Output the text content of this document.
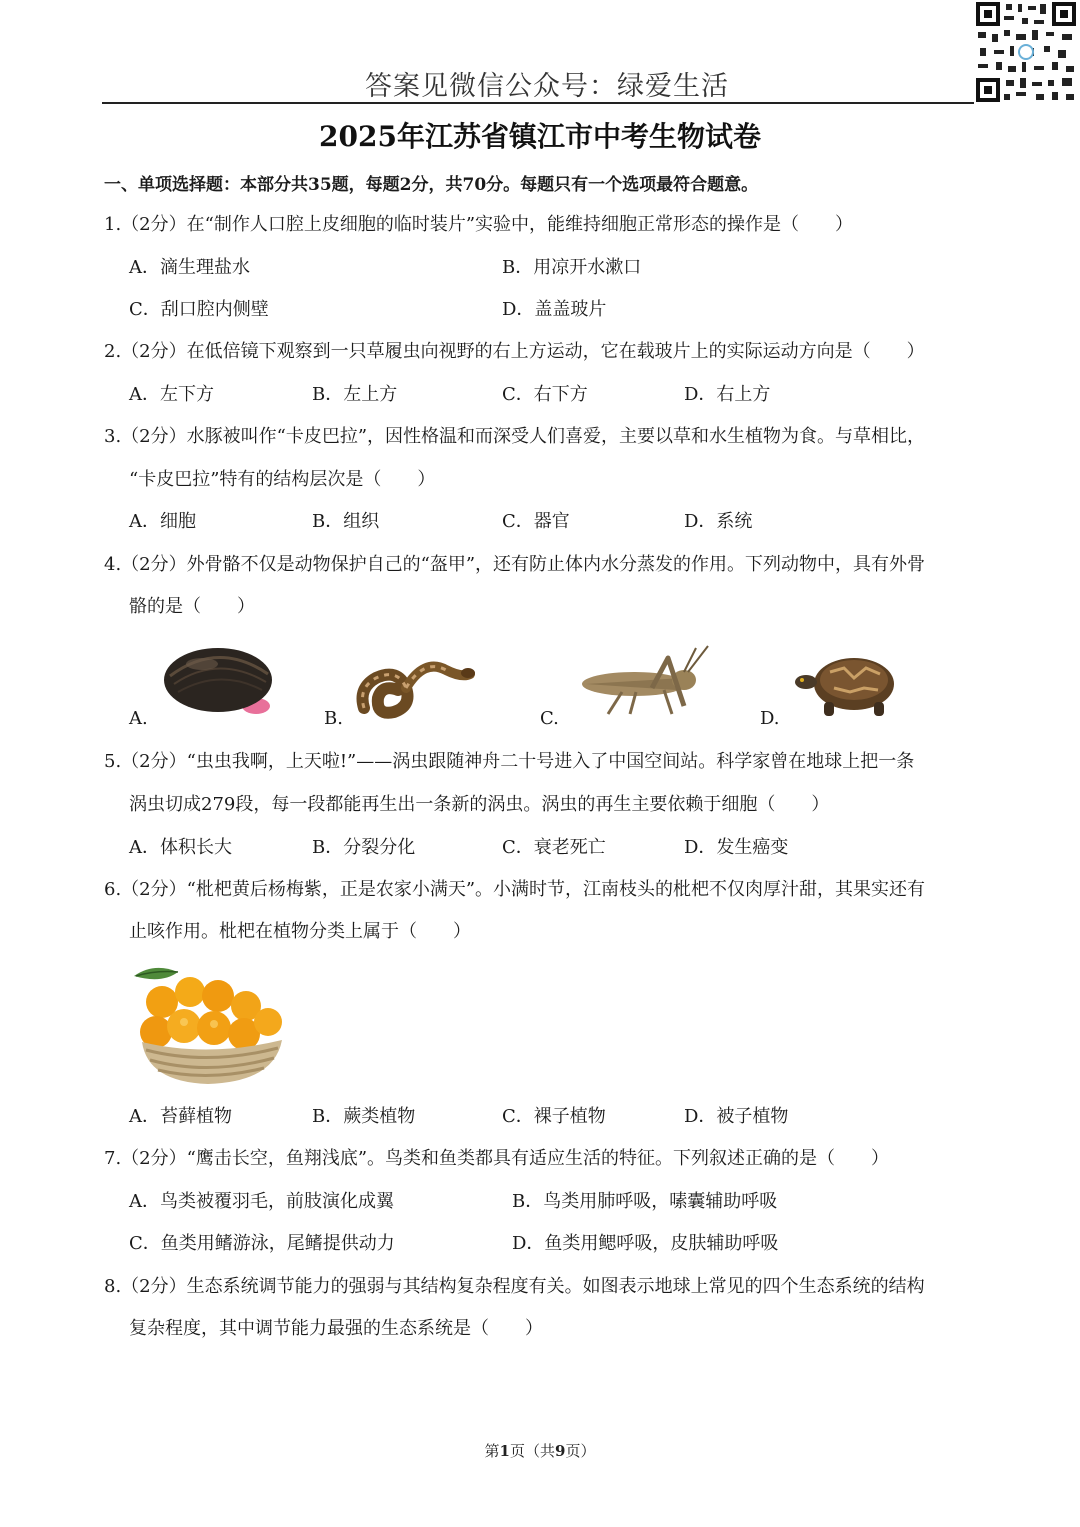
答案见微信公众号：绿爱生活
2025年江苏省镇江市中考生物试卷
一、单项选择题：本部分共35题，每题2分，共70分。每题只有一个选项最符合题意。
1.（2分）在“制作人口腔上皮细胞的临时装片”实验中，能维持细胞正常形态的操作是（　　）
A．滴生理盐水	B．用凉开水漱口
C．刮口腔内侧壁	D．盖盖玻片
2.（2分）在低倍镜下观察到一只草履虫向视野的右上方运动，它在载玻片上的实际运动方向是（　　）
A．左下方	B．左上方	C．右下方	D．右上方
3.（2分）水豚被叫作“卡皮巴拉”，因性格温和而深受人们喜爱，主要以草和水生植物为食。与草相比，
“卡皮巴拉”特有的结构层次是（　　）
A．细胞	B．组织	C．器官	D．系统
4.（2分）外骨骼不仅是动物保护自己的“盔甲”，还有防止体内水分蒸发的作用。下列动物中，具有外骨
骼的是（　　）
A.	B.	C.	D.
5.（2分）“虫虫我啊，上天啦!”——涡虫跟随神舟二十号进入了中国空间站。科学家曾在地球上把一条
涡虫切成279段，每一段都能再生出一条新的涡虫。涡虫的再生主要依赖于细胞（　　）
A．体积长大	B．分裂分化	C．衰老死亡	D．发生癌变
6.（2分）“枇杷黄后杨梅紫，正是农家小满天”。小满时节，江南枝头的枇杷不仅肉厚汁甜，其果实还有
止咳作用。枇杷在植物分类上属于（　　）
A．苔藓植物	B．蕨类植物	C．裸子植物	D．被子植物
7.（2分）“鹰击长空，鱼翔浅底”。鸟类和鱼类都具有适应生活的特征。下列叙述正确的是（　　）
A．鸟类被覆羽毛，前肢演化成翼	B．鸟类用肺呼吸，嗉囊辅助呼吸
C．鱼类用鳍游泳，尾鳍提供动力	D．鱼类用鳃呼吸，皮肤辅助呼吸
8.（2分）生态系统调节能力的强弱与其结构复杂程度有关。如图表示地球上常见的四个生态系统的结构
复杂程度，其中调节能力最强的生态系统是（　　）
第1页（共9页）
